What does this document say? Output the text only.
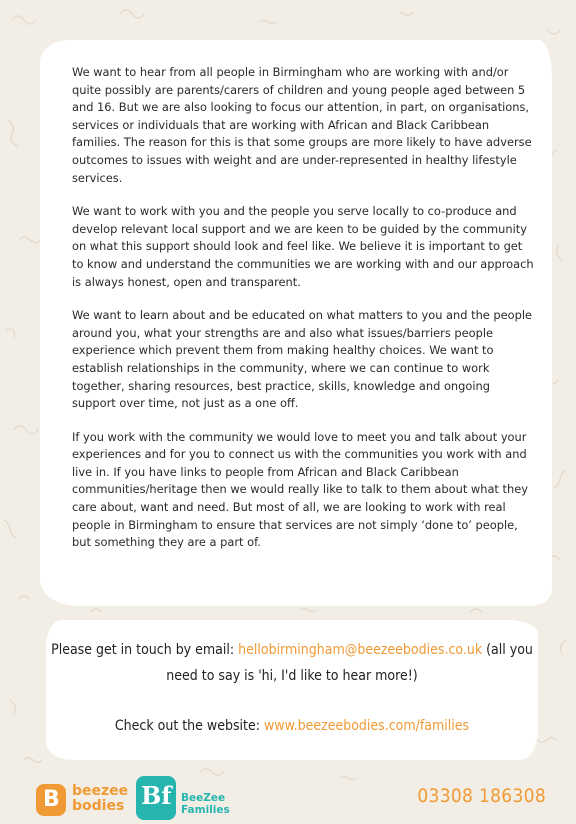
We want to hear from all people in Birmingham who are working with and/or quite possibly are parents/carers of children and young people aged between 5 and 16. But we are also looking to focus our attention, in part, on organisations, services or individuals that are working with African and Black Caribbean families. The reason for this is that some groups are more likely to have adverse outcomes to issues with weight and are under-represented in healthy lifestyle services.

We want to work with you and the people you serve locally to co-produce and develop relevant local support and we are keen to be guided by the community on what this support should look and feel like. We believe it is important to get to know and understand the communities we are working with and our approach is always honest, open and transparent.

We want to learn about and be educated on what matters to you and the people around you, what your strengths are and also what issues/barriers people experience which prevent them from making healthy choices. We want to establish relationships in the community, where we can continue to work together, sharing resources, best practice, skills, knowledge and ongoing support over time, not just as a one off.

If you work with the community we would love to meet you and talk about your experiences and for you to connect us with the communities you work with and live in. If you have links to people from African and Black Caribbean communities/heritage then we would really like to talk to them about what they care about, want and need. But most of all, we are looking to work with real people in Birmingham to ensure that services are not simply ‘done to’ people, but something they are a part of.

Please get in touch by email: hellobirmingham@beezeebodies.co.uk (all you
need to say is 'hi, I'd like to hear more!)
Check out the website: www.beezeebodies.com/families
B beezee
bodies Bf BeeZee
Families
03308 186308
